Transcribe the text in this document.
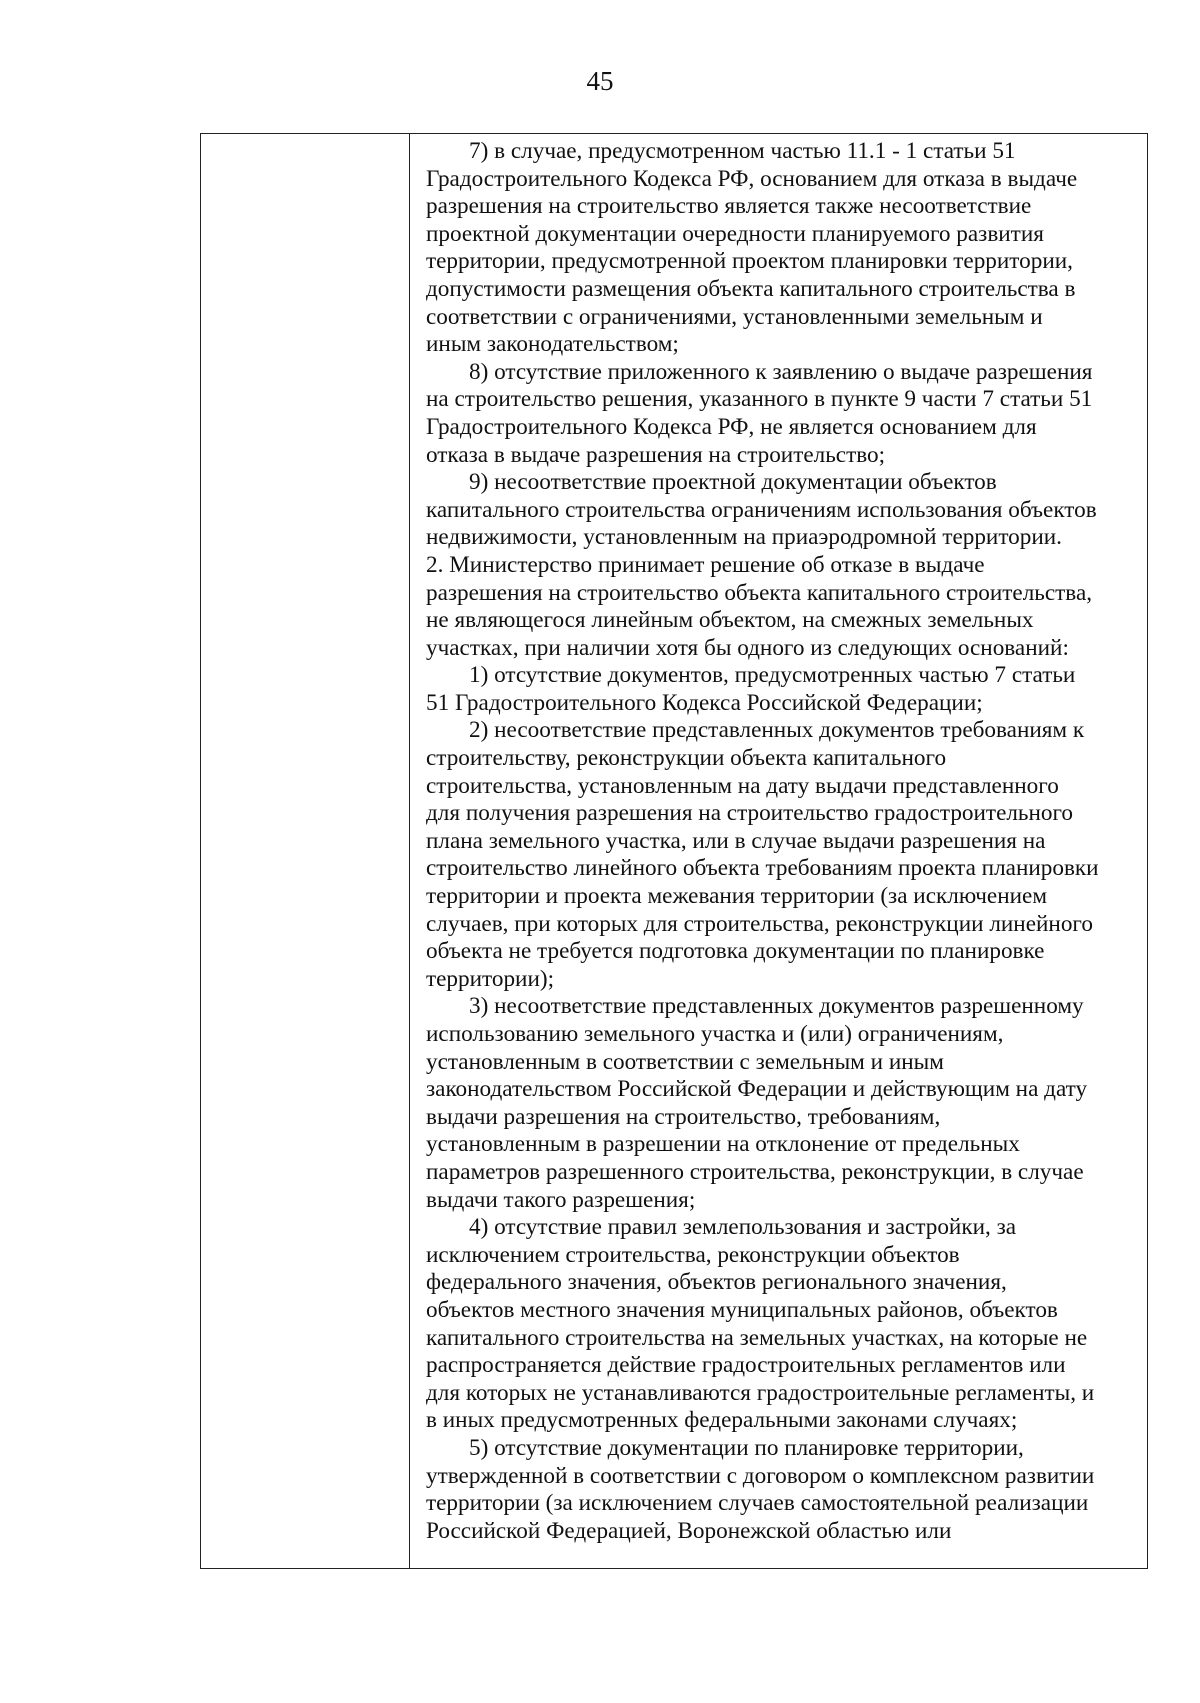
45
7) в случае, предусмотренном частью 11.1 - 1 статьи 51
Градостроительного Кодекса РФ, основанием для отказа в выдаче
разрешения на строительство является также несоответствие
проектной документации очередности планируемого развития
территории, предусмотренной проектом планировки территории,
допустимости размещения объекта капитального строительства в
соответствии с ограничениями, установленными земельным и
иным законодательством;
8) отсутствие приложенного к заявлению о выдаче разрешения
на строительство решения, указанного в пункте 9 части 7 статьи 51
Градостроительного Кодекса РФ, не является основанием для
отказа в выдаче разрешения на строительство;
9) несоответствие проектной документации объектов
капитального строительства ограничениям использования объектов
недвижимости, установленным на приаэродромной территории.
2. Министерство принимает решение об отказе в выдаче
разрешения на строительство объекта капитального строительства,
не являющегося линейным объектом, на смежных земельных
участках, при наличии хотя бы одного из следующих оснований:
1) отсутствие документов, предусмотренных частью 7 статьи
51 Градостроительного Кодекса Российской Федерации;
2) несоответствие представленных документов требованиям к
строительству, реконструкции объекта капитального
строительства, установленным на дату выдачи представленного
для получения разрешения на строительство градостроительного
плана земельного участка, или в случае выдачи разрешения на
строительство линейного объекта требованиям проекта планировки
территории и проекта межевания территории (за исключением
случаев, при которых для строительства, реконструкции линейного
объекта не требуется подготовка документации по планировке
территории);
3) несоответствие представленных документов разрешенному
использованию земельного участка и (или) ограничениям,
установленным в соответствии с земельным и иным
законодательством Российской Федерации и действующим на дату
выдачи разрешения на строительство, требованиям,
установленным в разрешении на отклонение от предельных
параметров разрешенного строительства, реконструкции, в случае
выдачи такого разрешения;
4) отсутствие правил землепользования и застройки, за
исключением строительства, реконструкции объектов
федерального значения, объектов регионального значения,
объектов местного значения муниципальных районов, объектов
капитального строительства на земельных участках, на которые не
распространяется действие градостроительных регламентов или
для которых не устанавливаются градостроительные регламенты, и
в иных предусмотренных федеральными законами случаях;
5) отсутствие документации по планировке территории,
утвержденной в соответствии с договором о комплексном развитии
территории (за исключением случаев самостоятельной реализации
Российской Федерацией, Воронежской областью или
